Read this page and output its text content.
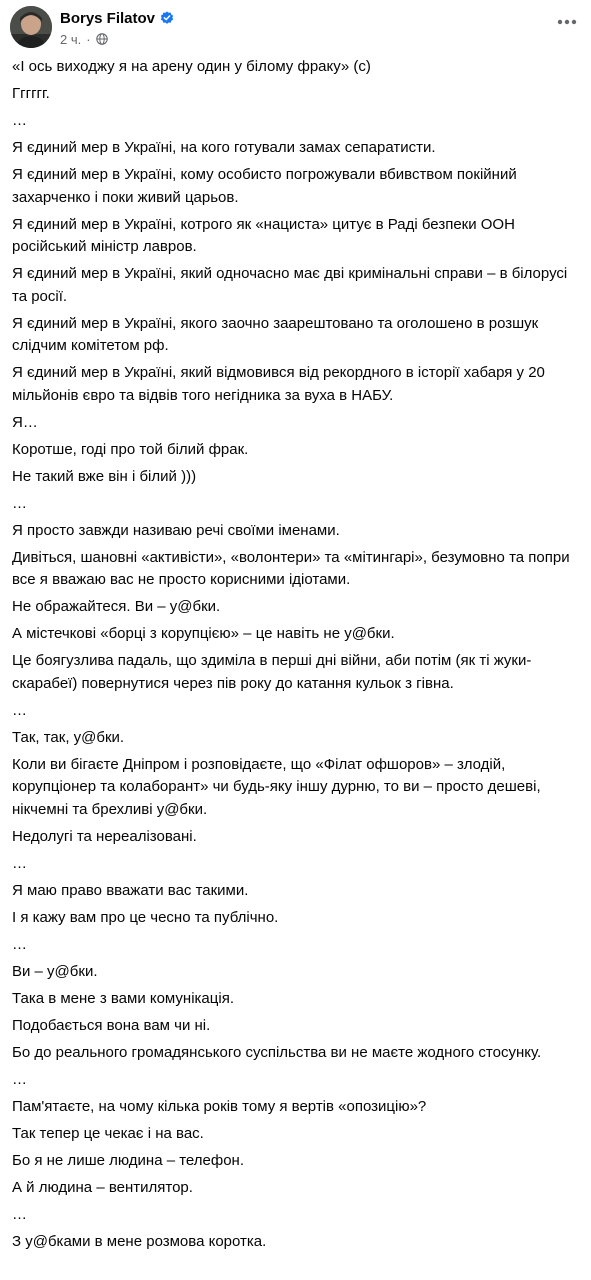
Borys Filatov
2 ч. ·

«І ось виходжу я на арену один у білому фраку» (с)

Гггггг.

…

Я єдиний мер в Україні, на кого готували замах сепаратисти.

Я єдиний мер в Україні, кому особисто погрожували вбивством покійний захарченко і поки живий царьов.

Я єдиний мер в Україні, котрого як «нациста» цитує в Раді безпеки ООН російський міністр лавров.

Я єдиний мер в Україні, який одночасно має дві кримінальні справи – в білорусі та росії.

Я єдиний мер в Україні, якого заочно заарештовано та оголошено в розшук слідчим комітетом рф.

Я єдиний мер в Україні, який відмовився від рекордного в історії хабаря у 20 мільйонів євро та відвів того негідника за вуха в НАБУ.

Я…

Коротше, годі про той білий фрак.

Не такий вже він і білий )))

…

Я просто завжди називаю речі своїми іменами.

Дивіться, шановні «активісти», «волонтери» та «мітингарі», безумовно та попри все я вважаю вас не просто корисними ідіотами.

Не ображайтеся. Ви – у@бки.

А містечкові «борці з корупцією» – це навіть не у@бки.

Це боягузлива падаль, що здиміла в перші дні війни, аби потім (як ті жуки-скарабеї) повернутися через пів року до катання кульок з гівна.

…

Так, так, у@бки.

Коли ви бігаєте Дніпром і розповідаєте, що «Філат офшоров» – злодій, корупціонер та колаборант» чи будь-яку іншу дурню, то ви – просто дешеві, нікчемні та брехливі у@бки.

Недолугі та нереалізовані.

…

Я маю право вважати вас такими.

І я кажу вам про це чесно та публічно.

…

Ви – у@бки.

Така в мене з вами комунікація.

Подобається вона вам чи ні.

Бо до реального громадянського суспільства ви не маєте жодного стосунку.

…

Пам'ятаєте, на чому кілька років тому я вертів «опозицію»?

Так тепер це чекає і на вас.

Бо я не лише людина – телефон.

А й людина – вентилятор.

…

З у@бками в мене розмова коротка.
